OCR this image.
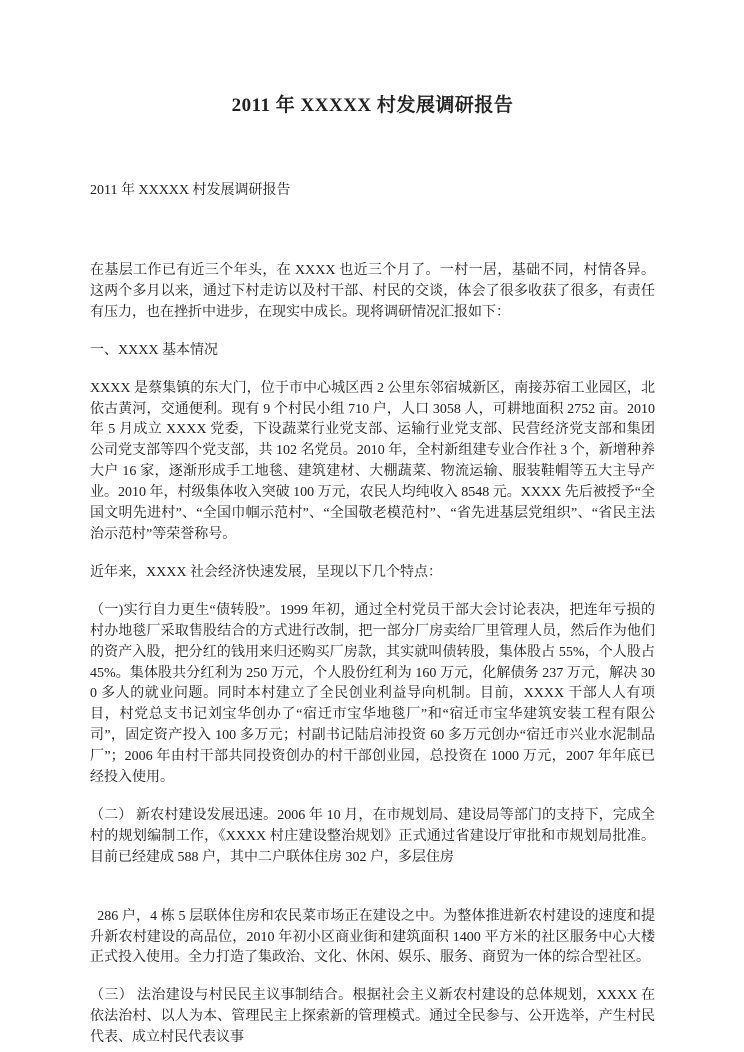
2011 年 XXXXX 村发展调研报告

2011 年 XXXXX 村发展调研报告

在基层工作已有近三个年头，在 XXXX 也近三个月了。一村一居，基础不同，村情各异。这两个多月以来，通过下村走访以及村干部、村民的交谈，体会了很多收获了很多，有责任有压力，也在挫折中进步，在现实中成长。现将调研情况汇报如下：

一、XXXX 基本情况

XXXX 是蔡集镇的东大门，位于市中心城区西 2 公里东邻宿城新区，南接苏宿工业园区，北依古黄河，交通便利。现有 9 个村民小组 710 户，人口 3058 人，可耕地面积 2752 亩。2010 年 5 月成立 XXXX 党委，下设蔬菜行业党支部、运输行业党支部、民营经济党支部和集团公司党支部等四个党支部，共 102 名党员。2010 年，全村新组建专业合作社 3 个，新增种养大户 16 家，逐渐形成手工地毯、建筑建材、大棚蔬菜、物流运输、服装鞋帽等五大主导产业。2010 年，村级集体收入突破 100 万元，农民人均纯收入 8548 元。XXXX 先后被授予“全国文明先进村”、“全国巾帼示范村”、“全国敬老模范村”、“省先进基层党组织”、“省民主法治示范村”等荣誉称号。

近年来，XXXX 社会经济快速发展，呈现以下几个特点：

（一)实行自力更生“债转股”。1999 年初，通过全村党员干部大会讨论表决，把连年亏损的村办地毯厂采取售股结合的方式进行改制，把一部分厂房卖给厂里管理人员，然后作为他们的资产入股，把分红的钱用来归还购买厂房款，其实就叫债转股，集体股占 55%，个人股占 45%。集体股共分红利为 250 万元，个人股份红利为 160 万元，化解债务 237 万元，解决 300 多人的就业问题。同时本村建立了全民创业利益导向机制。目前，XXXX 干部人人有项目，村党总支书记刘宝华创办了“宿迁市宝华地毯厂”和“宿迁市宝华建筑安装工程有限公司”，固定资产投入 100 多万元；村副书记陆启沛投资 60 多万元创办“宿迁市兴业水泥制品厂”；2006 年由村干部共同投资创办的村干部创业园，总投资在 1000 万元，2007 年年底已经投入使用。

（二） 新农村建设发展迅速。2006 年 10 月，在市规划局、建设局等部门的支持下，完成全村的规划编制工作，《XXXX 村庄建设整治规划》正式通过省建设厅审批和市规划局批准。目前已经建成 588 户，其中二户联体住房 302 户，多层住房

286 户，4 栋 5 层联体住房和农民菜市场正在建设之中。为整体推进新农村建设的速度和提升新农村建设的高品位，2010 年初小区商业街和建筑面积 1400 平方米的社区服务中心大楼正式投入使用。全力打造了集政治、文化、休闲、娱乐、服务、商贸为一体的综合型社区。

（三） 法治建设与村民民主议事制结合。根据社会主义新农村建设的总体规划，XXXX 在依法治村、以人为本、管理民主上探索新的管理模式。通过全民参与、公开选举，产生村民代表、成立村民代表议事
